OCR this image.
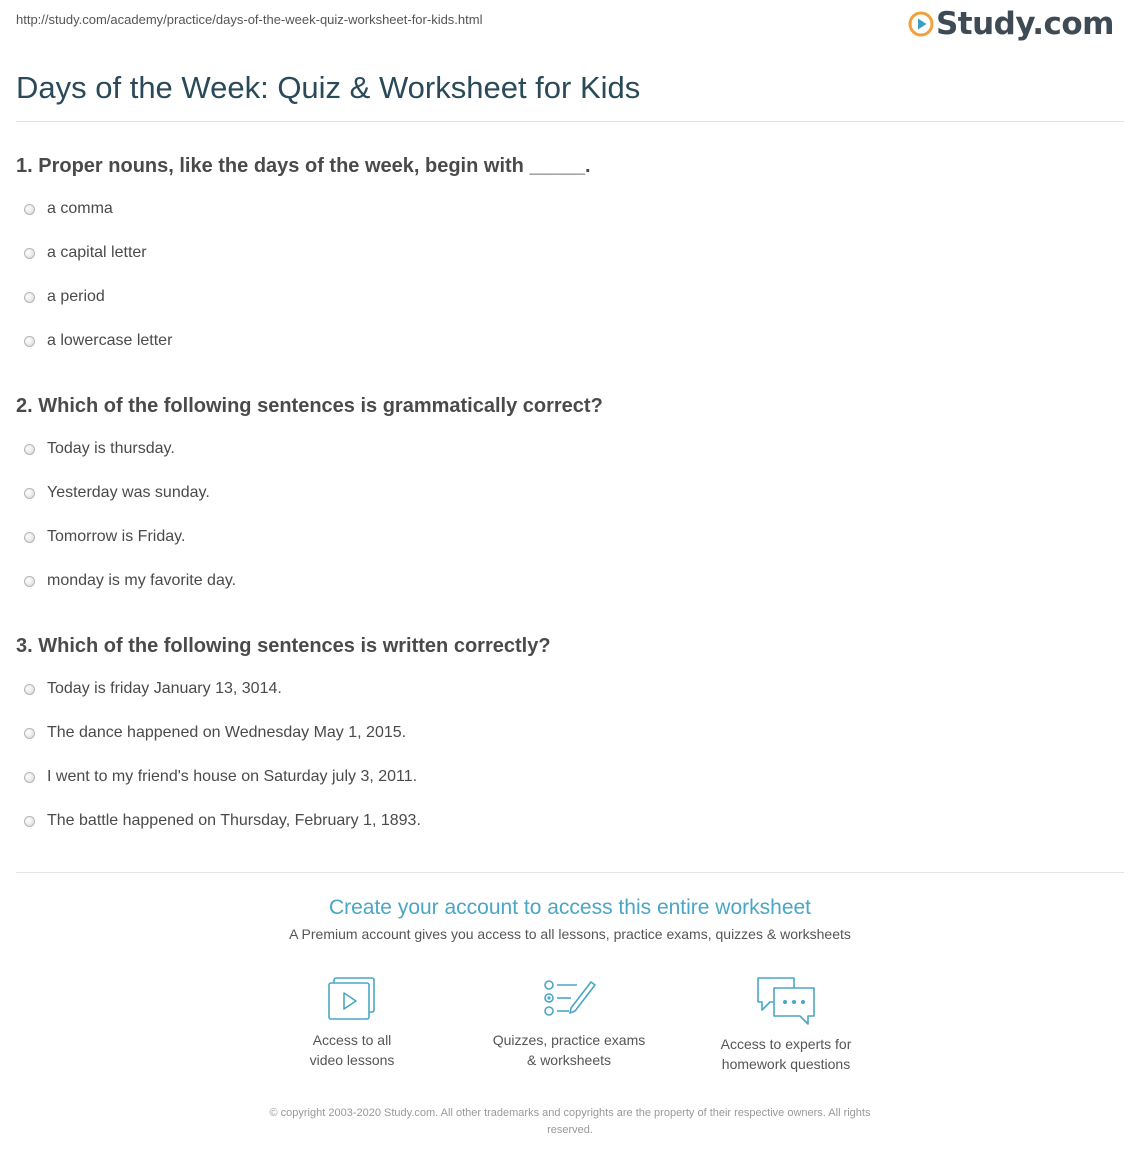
http://study.com/academy/practice/days-of-the-week-quiz-worksheet-for-kids.html	Study.com
Days of the Week: Quiz & Worksheet for Kids
1. Proper nouns, like the days of the week, begin with _____.
a comma
a capital letter
a period
a lowercase letter
2. Which of the following sentences is grammatically correct?
Today is thursday.
Yesterday was sunday.
Tomorrow is Friday.
monday is my favorite day.
3. Which of the following sentences is written correctly?
Today is friday January 13, 3014.
The dance happened on Wednesday May 1, 2015.
I went to my friend's house on Saturday july 3, 2011.
The battle happened on Thursday, February 1, 1893.
Create your account to access this entire worksheet
A Premium account gives you access to all lessons, practice exams, quizzes & worksheets
Access to all
video lessons
Quizzes, practice exams
& worksheets
Access to experts for
homework questions
© copyright 2003-2020 Study.com. All other trademarks and copyrights are the property of their respective owners. All rights
reserved.
